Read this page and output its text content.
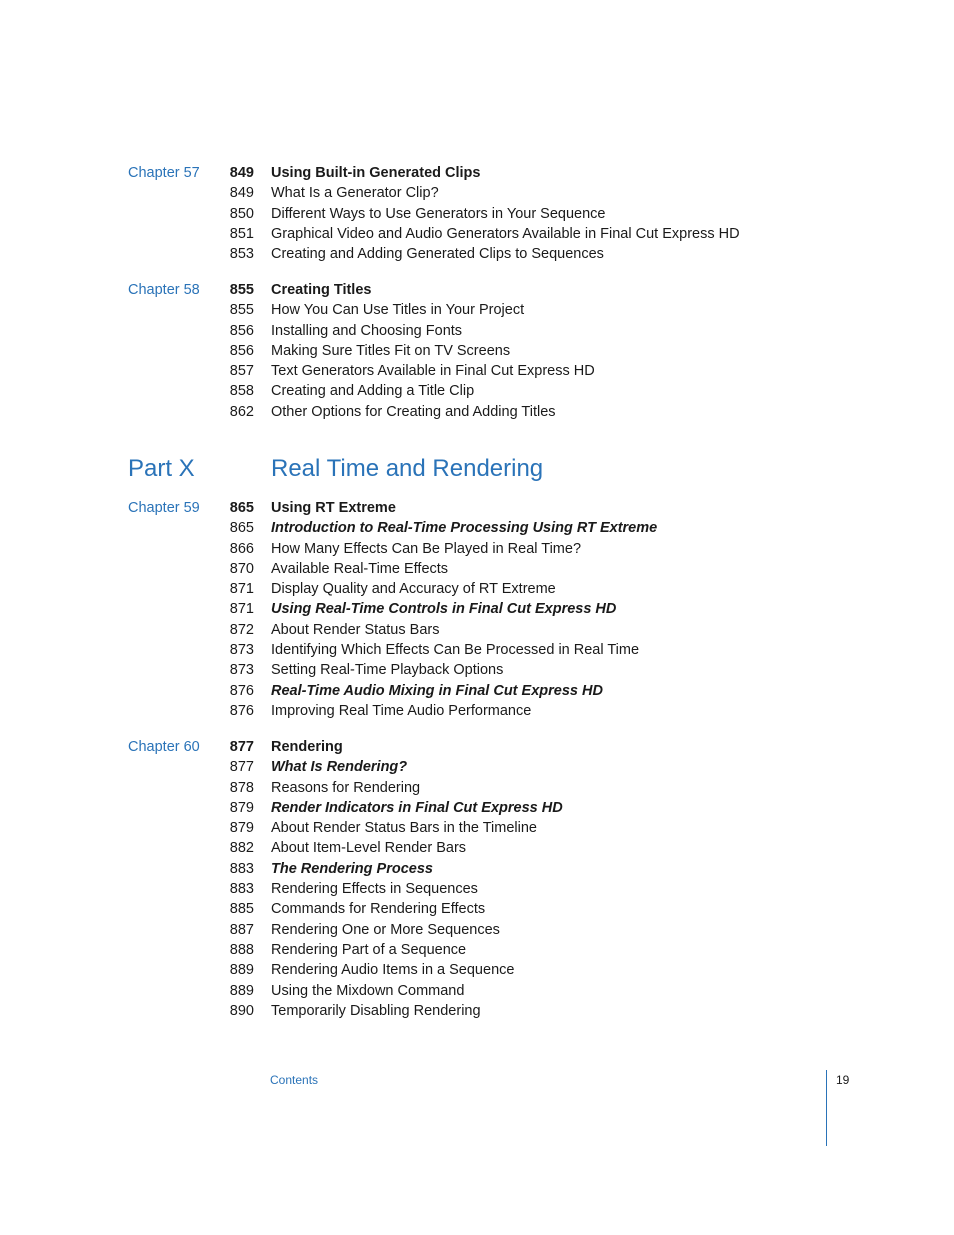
Chapter 57	849 Using Built-in Generated Clips
849 What Is a Generator Clip?
850 Different Ways to Use Generators in Your Sequence
851 Graphical Video and Audio Generators Available in Final Cut Express HD
853 Creating and Adding Generated Clips to Sequences
Chapter 58	855 Creating Titles
855 How You Can Use Titles in Your Project
856 Installing and Choosing Fonts
856 Making Sure Titles Fit on TV Screens
857 Text Generators Available in Final Cut Express HD
858 Creating and Adding a Title Clip
862 Other Options for Creating and Adding Titles
Part X	Real Time and Rendering
Chapter 59	865 Using RT Extreme
865 Introduction to Real-Time Processing Using RT Extreme
866 How Many Effects Can Be Played in Real Time?
870 Available Real-Time Effects
871 Display Quality and Accuracy of RT Extreme
871 Using Real-Time Controls in Final Cut Express HD
872 About Render Status Bars
873 Identifying Which Effects Can Be Processed in Real Time
873 Setting Real-Time Playback Options
876 Real-Time Audio Mixing in Final Cut Express HD
876 Improving Real Time Audio Performance
Chapter 60	877 Rendering
877 What Is Rendering?
878 Reasons for Rendering
879 Render Indicators in Final Cut Express HD
879 About Render Status Bars in the Timeline
882 About Item-Level Render Bars
883 The Rendering Process
883 Rendering Effects in Sequences
885 Commands for Rendering Effects
887 Rendering One or More Sequences
888 Rendering Part of a Sequence
889 Rendering Audio Items in a Sequence
889 Using the Mixdown Command
890 Temporarily Disabling Rendering
Contents	19
